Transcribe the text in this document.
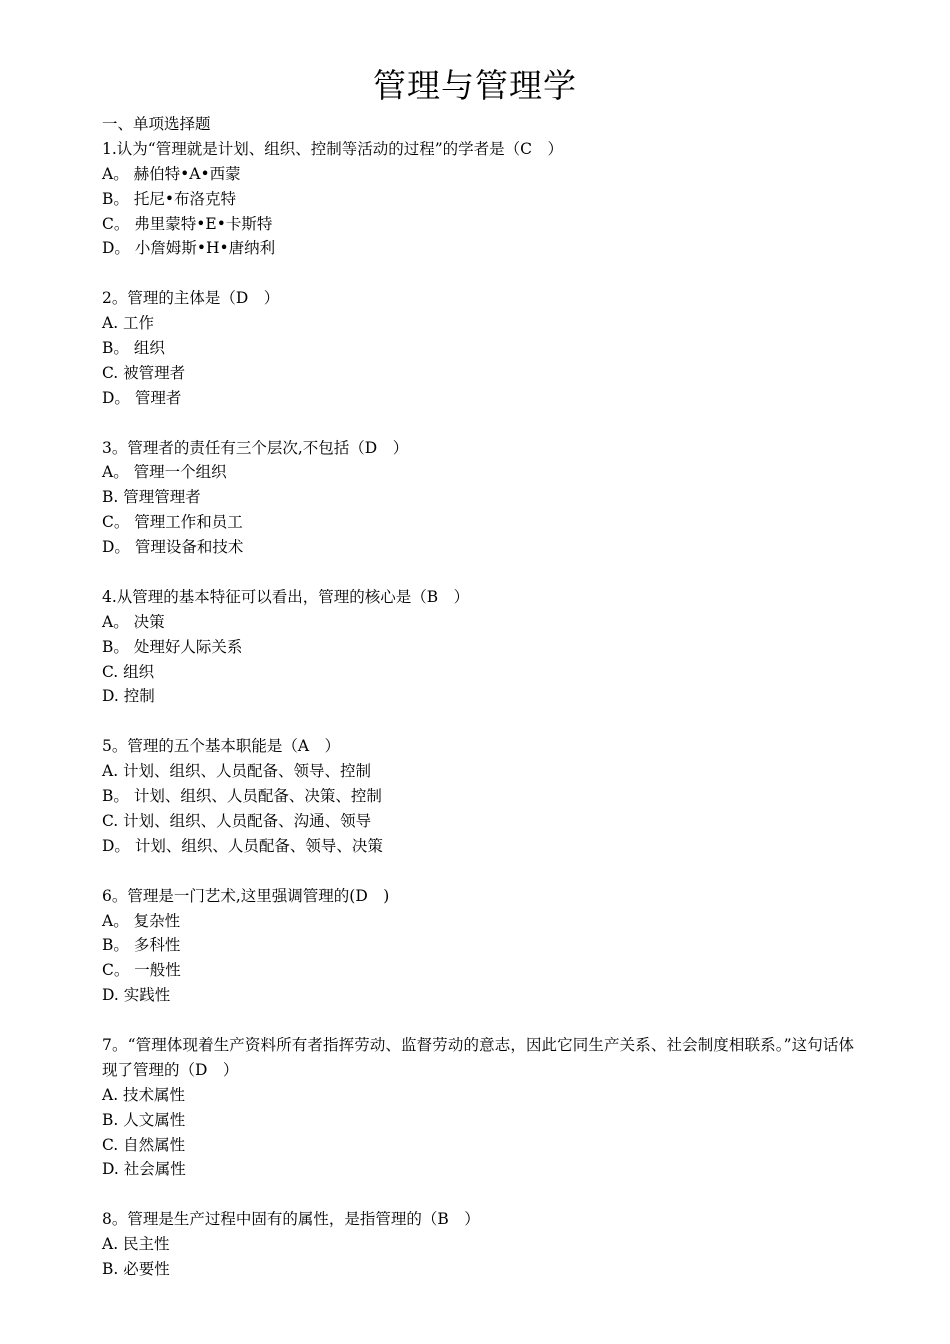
管理与管理学
一、单项选择题
1.认为“管理就是计划、组织、控制等活动的过程”的学者是（C　）
A。 赫伯特•A•西蒙
B。 托尼•布洛克特
C。 弗里蒙特•E•卡斯特
D。 小詹姆斯•H•唐纳利
2。管理的主体是（D　）
A. 工作
B。 组织
C. 被管理者
D。 管理者
3。管理者的责任有三个层次,不包括（D　）
A。 管理一个组织
B. 管理管理者
C。 管理工作和员工
D。 管理设备和技术
4.从管理的基本特征可以看出，管理的核心是（B　）
A。 决策
B。 处理好人际关系
C. 组织
D. 控制
5。管理的五个基本职能是（A　）
A. 计划、组织、人员配备、领导、控制
B。 计划、组织、人员配备、决策、控制
C. 计划、组织、人员配备、沟通、领导
D。 计划、组织、人员配备、领导、决策
6。管理是一门艺术,这里强调管理的(D　)
A。 复杂性
B。 多科性
C。 一般性
D. 实践性
7。“管理体现着生产资料所有者指挥劳动、监督劳动的意志，因此它同生产关系、社会制度相联系。”这句话体现了管理的（D　）
A. 技术属性
B. 人文属性
C. 自然属性
D. 社会属性
8。管理是生产过程中固有的属性，是指管理的（B　）
A. 民主性
B. 必要性
